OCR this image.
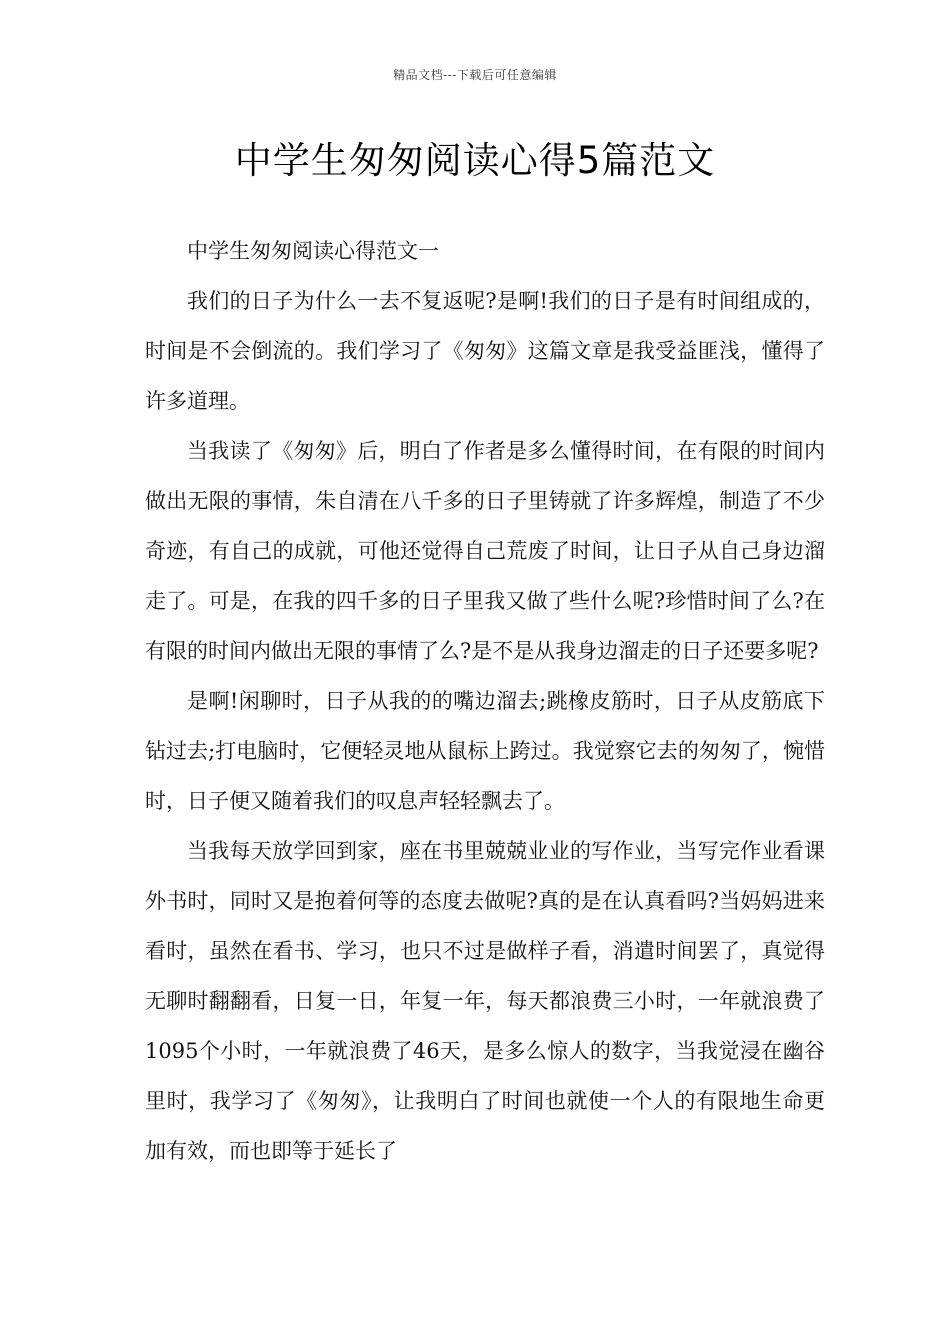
精品文档---下载后可任意编辑
中学生匆匆阅读心得5篇范文

中学生匆匆阅读心得范文一

我们的日子为什么一去不复返呢?是啊!我们的日子是有时间组成的，时间是不会倒流的。我们学习了《匆匆》这篇文章是我受益匪浅，懂得了许多道理。

当我读了《匆匆》后，明白了作者是多么懂得时间，在有限的时间内做出无限的事情，朱自清在八千多的日子里铸就了许多辉煌，制造了不少奇迹，有自己的成就，可他还觉得自己荒废了时间，让日子从自己身边溜走了。可是，在我的四千多的日子里我又做了些什么呢?珍惜时间了么?在有限的时间内做出无限的事情了么?是不是从我身边溜走的日子还要多呢?

是啊!闲聊时，日子从我的的嘴边溜去;跳橡皮筋时，日子从皮筋底下钻过去;打电脑时，它便轻灵地从鼠标上跨过。我觉察它去的匆匆了，惋惜时，日子便又随着我们的叹息声轻轻飘去了。

当我每天放学回到家，座在书里兢兢业业的写作业，当写完作业看课外书时，同时又是抱着何等的态度去做呢?真的是在认真看吗?当妈妈进来看时，虽然在看书、学习，也只不过是做样子看，消遣时间罢了，真觉得无聊时翻翻看，日复一日，年复一年，每天都浪费三小时，一年就浪费了1095个小时，一年就浪费了46天，是多么惊人的数字，当我觉浸在幽谷里时，我学习了《匆匆》，让我明白了时间也就使一个人的有限地生命更加有效，而也即等于延长了
